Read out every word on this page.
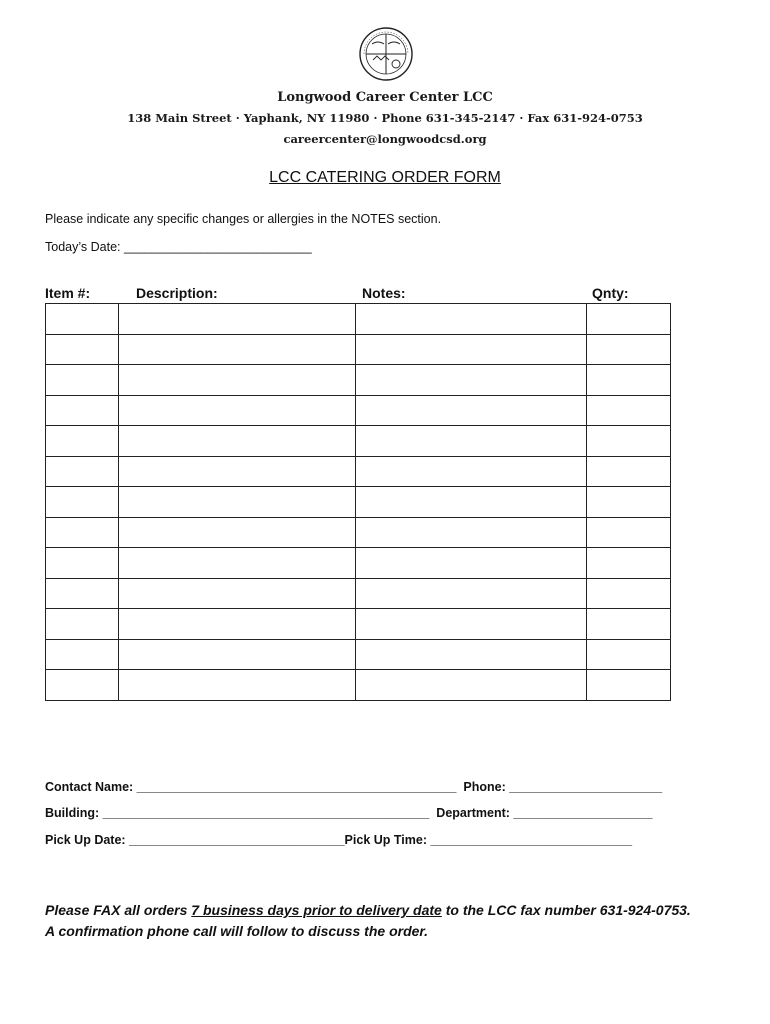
Longwood Career Center LCC
138 Main Street · Yaphank, NY 11980 · Phone 631-345-2147 · Fax 631-924-0753
careercenter@longwoodcsd.org
LCC CATERING ORDER FORM
Please indicate any specific changes or allergies in the NOTES section.
Today’s Date: ___________________________
Item #:	Description:	Notes:	Qnty:

Contact Name: ______________________________________________  Phone: ______________________
Building: _______________________________________________  Department: ____________________
Pick Up Date: _______________________________Pick Up Time: _____________________________
Please FAX all orders 7 business days prior to delivery date to the LCC fax number 631-924-0753. A confirmation phone call will follow to discuss the order.
